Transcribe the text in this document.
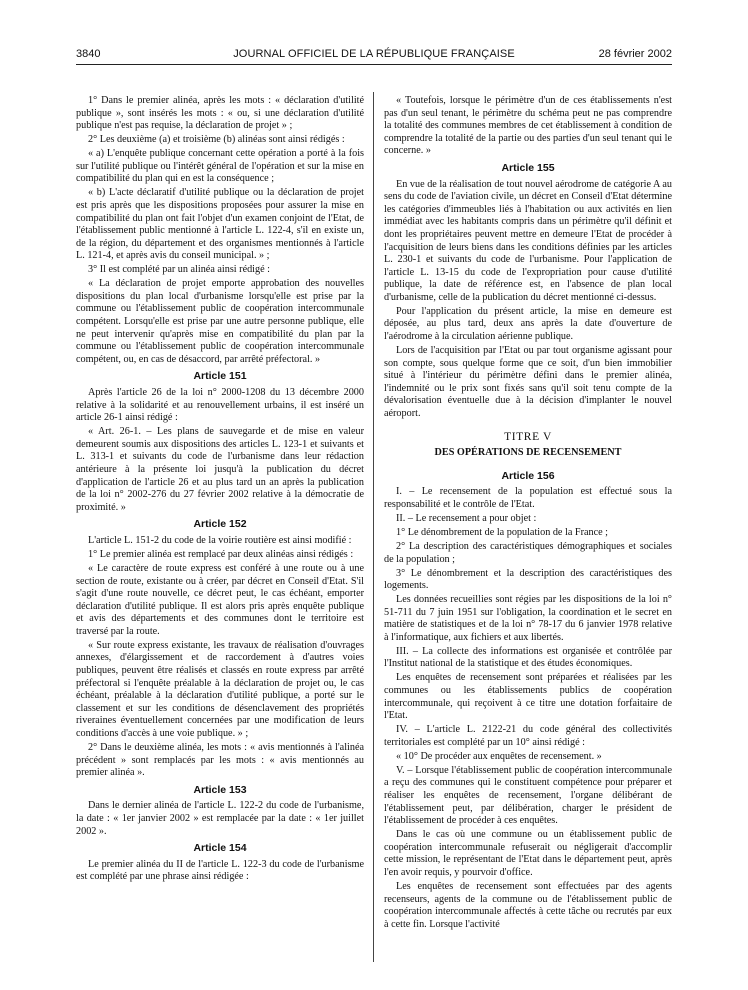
3840	JOURNAL OFFICIEL DE LA RÉPUBLIQUE FRANÇAISE	28 février 2002

1° Dans le premier alinéa, après les mots : « déclaration d'utilité publique », sont insérés les mots : « ou, si une déclaration d'utilité publique n'est pas requise, la déclaration de projet » ;

2° Les deuxième (a) et troisième (b) alinéas sont ainsi rédigés :

« a) L'enquête publique concernant cette opération a porté à la fois sur l'utilité publique ou l'intérêt général de l'opération et sur la mise en compatibilité du plan qui en est la conséquence ;

« b) L'acte déclaratif d'utilité publique ou la déclaration de projet est pris après que les dispositions proposées pour assurer la mise en compatibilité du plan ont fait l'objet d'un examen conjoint de l'Etat, de l'établissement public mentionné à l'article L. 122-4, s'il en existe un, de la région, du département et des organismes mentionnés à l'article L. 121-4, et après avis du conseil municipal. » ;

3° Il est complété par un alinéa ainsi rédigé :

« La déclaration de projet emporte approbation des nouvelles dispositions du plan local d'urbanisme lorsqu'elle est prise par la commune ou l'établissement public de coopération intercommunale compétent. Lorsqu'elle est prise par une autre personne publique, elle ne peut intervenir qu'après mise en compatibilité du plan par la commune ou l'établissement public de coopération intercommunale compétent, ou, en cas de désaccord, par arrêté préfectoral. »

Article 151

Après l'article 26 de la loi n° 2000-1208 du 13 décembre 2000 relative à la solidarité et au renouvellement urbains, il est inséré un article 26-1 ainsi rédigé :

« Art. 26-1. – Les plans de sauvegarde et de mise en valeur demeurent soumis aux dispositions des articles L. 123-1 et suivants et L. 313-1 et suivants du code de l'urbanisme dans leur rédaction antérieure à la présente loi jusqu'à la publication du décret d'application de l'article 26 et au plus tard un an après la publication de la loi n° 2002-276 du 27 février 2002 relative à la démocratie de proximité. »

Article 152

L'article L. 151-2 du code de la voirie routière est ainsi modifié :

1° Le premier alinéa est remplacé par deux alinéas ainsi rédigés :

« Le caractère de route express est conféré à une route ou à une section de route, existante ou à créer, par décret en Conseil d'Etat. S'il s'agit d'une route nouvelle, ce décret peut, le cas échéant, emporter déclaration d'utilité publique. Il est alors pris après enquête publique et avis des départements et des communes dont le territoire est traversé par la route.

« Sur route express existante, les travaux de réalisation d'ouvrages annexes, d'élargissement et de raccordement à d'autres voies publiques, peuvent être réalisés et classés en route express par arrêté préfectoral si l'enquête préalable à la déclaration de projet ou, le cas échéant, préalable à la déclaration d'utilité publique, a porté sur le classement et sur les conditions de désenclavement des propriétés riveraines éventuellement concernées par une modification de leurs conditions d'accès à une voie publique. » ;

2° Dans le deuxième alinéa, les mots : « avis mentionnés à l'alinéa précédent » sont remplacés par les mots : « avis mentionnés au premier alinéa ».

Article 153

Dans le dernier alinéa de l'article L. 122-2 du code de l'urbanisme, la date : « 1er janvier 2002 » est remplacée par la date : « 1er juillet 2002 ».

Article 154

Le premier alinéa du II de l'article L. 122-3 du code de l'urbanisme est complété par une phrase ainsi rédigée :

« Toutefois, lorsque le périmètre d'un de ces établissements n'est pas d'un seul tenant, le périmètre du schéma peut ne pas comprendre la totalité des communes membres de cet établissement à condition de comprendre la totalité de la partie ou des parties d'un seul tenant qui le concerne. »

Article 155

En vue de la réalisation de tout nouvel aérodrome de catégorie A au sens du code de l'aviation civile, un décret en Conseil d'Etat détermine les catégories d'immeubles liés à l'habitation ou aux activités en lien immédiat avec les habitants compris dans un périmètre qu'il définit et dont les propriétaires peuvent mettre en demeure l'Etat de procéder à l'acquisition de leurs biens dans les conditions définies par les articles L. 230-1 et suivants du code de l'urbanisme. Pour l'application de l'article L. 13-15 du code de l'expropriation pour cause d'utilité publique, la date de référence est, en l'absence de plan local d'urbanisme, celle de la publication du décret mentionné ci-dessus.

Pour l'application du présent article, la mise en demeure est déposée, au plus tard, deux ans après la date d'ouverture de l'aérodrome à la circulation aérienne publique.

Lors de l'acquisition par l'Etat ou par tout organisme agissant pour son compte, sous quelque forme que ce soit, d'un bien immobilier situé à l'intérieur du périmètre défini dans le premier alinéa, l'indemnité ou le prix sont fixés sans qu'il soit tenu compte de la dévalorisation éventuelle due à la décision d'implanter le nouvel aéroport.

TITRE V
DES OPÉRATIONS DE RECENSEMENT
Article 156

I. – Le recensement de la population est effectué sous la responsabilité et le contrôle de l'Etat.

II. – Le recensement a pour objet :

1° Le dénombrement de la population de la France ;

2° La description des caractéristiques démographiques et sociales de la population ;

3° Le dénombrement et la description des caractéristiques des logements.

Les données recueillies sont régies par les dispositions de la loi n° 51-711 du 7 juin 1951 sur l'obligation, la coordination et le secret en matière de statistiques et de la loi n° 78-17 du 6 janvier 1978 relative à l'informatique, aux fichiers et aux libertés.

III. – La collecte des informations est organisée et contrôlée par l'Institut national de la statistique et des études économiques.

Les enquêtes de recensement sont préparées et réalisées par les communes ou les établissements publics de coopération intercommunale, qui reçoivent à ce titre une dotation forfaitaire de l'Etat.

IV. – L'article L. 2122-21 du code général des collectivités territoriales est complété par un 10° ainsi rédigé :

« 10° De procéder aux enquêtes de recensement. »

V. – Lorsque l'établissement public de coopération intercommunale a reçu des communes qui le constituent compétence pour préparer et réaliser les enquêtes de recensement, l'organe délibérant de l'établissement peut, par délibération, charger le président de l'établissement de procéder à ces enquêtes.

Dans le cas où une commune ou un établissement public de coopération intercommunale refuserait ou négligerait d'accomplir cette mission, le représentant de l'Etat dans le département peut, après l'en avoir requis, y pourvoir d'office.

Les enquêtes de recensement sont effectuées par des agents recenseurs, agents de la commune ou de l'établissement public de coopération intercommunale affectés à cette tâche ou recrutés par eux à cette fin. Lorsque l'activité
